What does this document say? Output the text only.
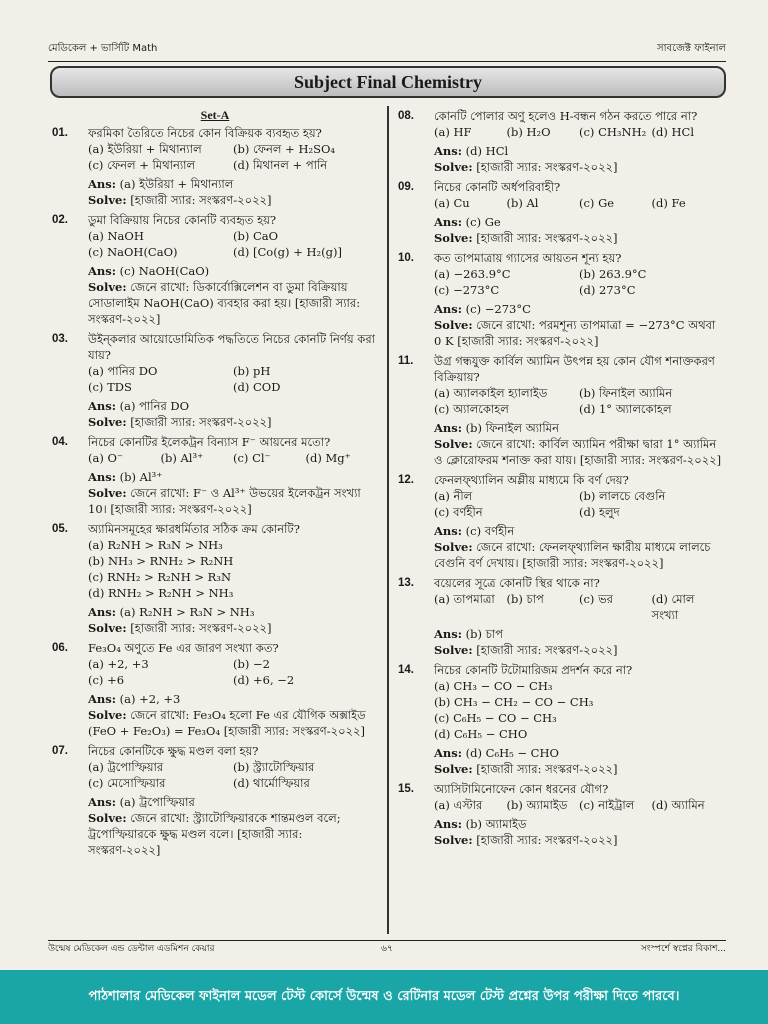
মেডিকেল + ভার্সিটি Math	সাবজেক্ট ফাইনাল
Subject Final Chemistry
Set-A
01.	ফরমিকা তৈরিতে নিচের কোন বিক্রিয়ক ব্যবহৃত হয়?
(a) ইউরিয়া + মিথান্যাল	(b) ফেনল + H₂SO₄
(c) ফেনল + মিথান্যাল	(d) মিথানল + পানি
Ans: (a) ইউরিয়া + মিথান্যাল
Solve: [হাজারী স্যার: সংস্করণ-২০২২]
02.	ডুমা বিক্রিয়ায় নিচের কোনটি ব্যবহৃত হয়?
(a) NaOH	(b) CaO
(c) NaOH(CaO)	(d) [Co(g) + H₂(g)]
Ans: (c) NaOH(CaO)
Solve: জেনে রাখো: ডিকার্বোক্সিলেশন বা ডুমা বিক্রিয়ায় সোডালাইম NaOH(CaO) ব্যবহার করা হয়। [হাজারী স্যার: সংস্করণ-২০২২]
03.	উইন্কলার আয়োডোমিতিক পদ্ধতিতে নিচের কোনটি নির্ণয় করা যায়?
(a) পানির DO	(b) pH
(c) TDS	(d) COD
Ans: (a) পানির DO
Solve: [হাজারী স্যার: সংস্করণ-২০২২]
04.	নিচের কোনটির ইলেকট্রন বিন্যাস F⁻ আয়নের মতো?
(a) O⁻	(b) Al³⁺	(c) Cl⁻	(d) Mg⁺
Ans: (b) Al³⁺
Solve: জেনে রাখো: F⁻ ও Al³⁺ উভয়ের ইলেকট্রন সংখ্যা 10। [হাজারী স্যার: সংস্করণ-২০২২]
05.	অ্যামিনসমূহের ক্ষারধর্মিতার সঠিক ক্রম কোনটি?
(a) R₂NH > R₃N > NH₃
(b) NH₃ > RNH₂ > R₂NH
(c) RNH₂ > R₂NH > R₃N
(d) RNH₂ > R₂NH > NH₃
Ans: (a) R₂NH > R₃N > NH₃
Solve: [হাজারী স্যার: সংস্করণ-২০২২]
06.	Fe₃O₄ অণুতে Fe এর জারণ সংখ্যা কত?
(a) +2, +3	(b) −2
(c) +6	(d) +6, −2
Ans: (a) +2, +3
Solve: জেনে রাখো: Fe₃O₄ হলো Fe এর যৌগিক অক্সাইড (FeO + Fe₂O₃) = Fe₃O₄ [হাজারী স্যার: সংস্করণ-২০২২]
07.	নিচের কোনটিকে ক্ষুদ্ধ মণ্ডল বলা হয়?
(a) ট্রপোস্ফিয়ার	(b) স্ট্র্যাটোস্ফিয়ার
(c) মেসোস্ফিয়ার	(d) থার্মোস্ফিয়ার
Ans: (a) ট্রপোস্ফিয়ার
Solve: জেনে রাখো: স্ট্র্যাটোস্ফিয়ারকে শান্তমণ্ডল বলে; ট্রপোস্ফিয়ারকে ক্ষুদ্ধ মণ্ডল বলে। [হাজারী স্যার: সংস্করণ-২০২২]
08.	কোনটি পোলার অণু হলেও H-বন্ধন গঠন করতে পারে না?
(a) HF	(b) H₂O	(c) CH₃NH₂ (d) HCl
Ans: (d) HCl
Solve: [হাজারী স্যার: সংস্করণ-২০২২]
09.	নিচের কোনটি অর্ধপরিবাহী?
(a) Cu	(b) Al	(c) Ge	(d) Fe
Ans: (c) Ge
Solve: [হাজারী স্যার: সংস্করণ-২০২২]
10.	কত তাপমাত্রায় গ্যাসের আয়তন শূন্য হয়?
(a) −263.9°C	(b) 263.9°C
(c) −273°C	(d) 273°C
Ans: (c) −273°C
Solve: জেনে রাখো: পরমশূন্য তাপমাত্রা = −273°C অথবা 0 K [হাজারী স্যার: সংস্করণ-২০২২]
11.	উগ্র গন্ধযুক্ত কার্বিল অ্যামিন উৎপন্ন হয় কোন যৌগ শনাক্তকরণ বিক্রিয়ায়?
(a) অ্যালকাইল হ্যালাইড	(b) ফিনাইল অ্যামিন
(c) অ্যালকোহল	(d) 1° অ্যালকোহল
Ans: (b) ফিনাইল অ্যামিন
Solve: জেনে রাখো: কার্বিল অ্যামিন পরীক্ষা দ্বারা 1° অ্যামিন ও ক্লোরোফরম শনাক্ত করা যায়। [হাজারী স্যার: সংস্করণ-২০২২]
12.	ফেনলফ্থ্যালিন অম্লীয় মাধ্যমে কি বর্ণ দেয়?
(a) নীল	(b) লালচে বেগুনি
(c) বর্ণহীন	(d) হলুদ
Ans: (c) বর্ণহীন
Solve: জেনে রাখো: ফেনলফ্থ্যালিন ক্ষারীয় মাধ্যমে লালচে বেগুনি বর্ণ দেখায়। [হাজারী স্যার: সংস্করণ-২০২২]
13.	বয়েলের সূত্রে কোনটি স্থির থাকে না?
(a) তাপমাত্রা	(b) চাপ	(c) ভর	(d) মোল সংখ্যা
Ans: (b) চাপ
Solve: [হাজারী স্যার: সংস্করণ-২০২২]
14.	নিচের কোনটি টটোমারিজম প্রদর্শন করে না?
(a) CH₃ − CO − CH₃
(b) CH₃ − CH₂ − CO − CH₃
(c) C₆H₅ − CO − CH₃
(d) C₆H₅ − CHO
Ans: (d) C₆H₅ − CHO
Solve: [হাজারী স্যার: সংস্করণ-২০২২]
15.	অ্যাসিটামিনোফেন কোন ধরনের যৌগ?
(a) এস্টার	(b) অ্যামাইড	(c) নাইট্রাল	(d) অ্যামিন
Ans: (b) অ্যামাইড
Solve: [হাজারী স্যার: সংস্করণ-২০২২]
উন্মেষ মেডিকেল এন্ড ডেন্টাল এডমিশন কেয়ার	৬৭	সংস্পর্শে স্বপ্নের বিকাশ...
পাঠশালার মেডিকেল ফাইনাল মডেল টেস্ট কোর্সে উন্মেষ ও রেটিনার মডেল টেস্ট প্রশ্নের উপর পরীক্ষা দিতে পারবে।
